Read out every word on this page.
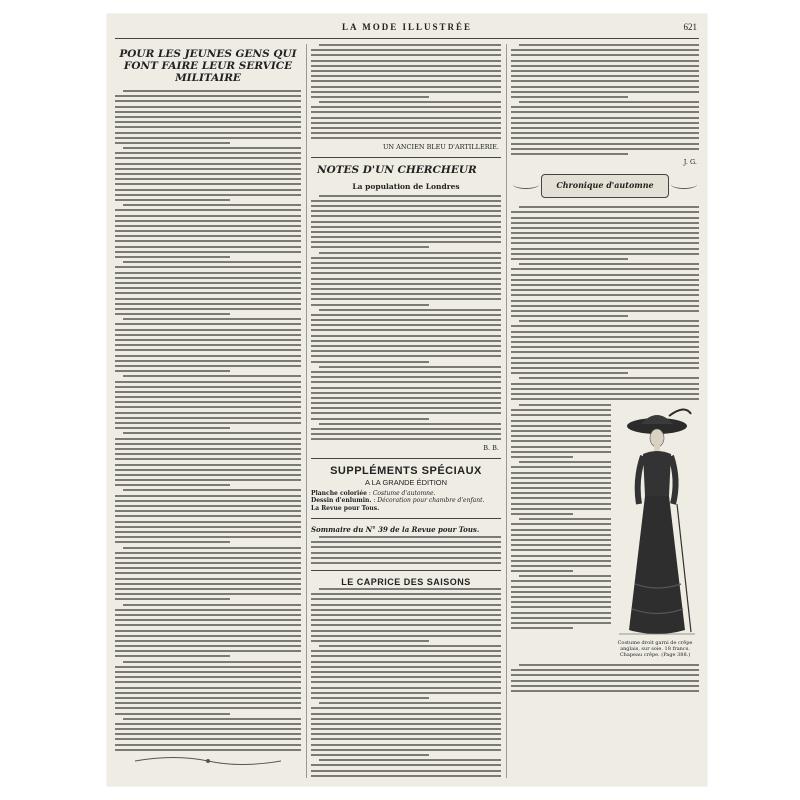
LA MODE ILLUSTRÉE	621
POUR LES JEUNES GENS QUI FONT FAIRE LEUR SERVICE MILITAIRE
UN ANCIEN BLEU D'ARTILLERIE.
NOTES D'UN CHERCHEUR
La population de Londres
B. B.
SUPPLÉMENTS SPÉCIAUX
A LA GRANDE ÉDITION
Planche coloriée : Costume d'automne.
Dessin d'enlumin. : Décoration pour chambre d'enfant.
La Revue pour Tous.
Sommaire du N° 39 de la Revue pour Tous.
LE CAPRICE DES SAISONS
J. G.
Chronique d'automne
Costume droit garni de crêpe anglais, sur soie. 18 francs. Chapeau crêpe. (Page 388.)
